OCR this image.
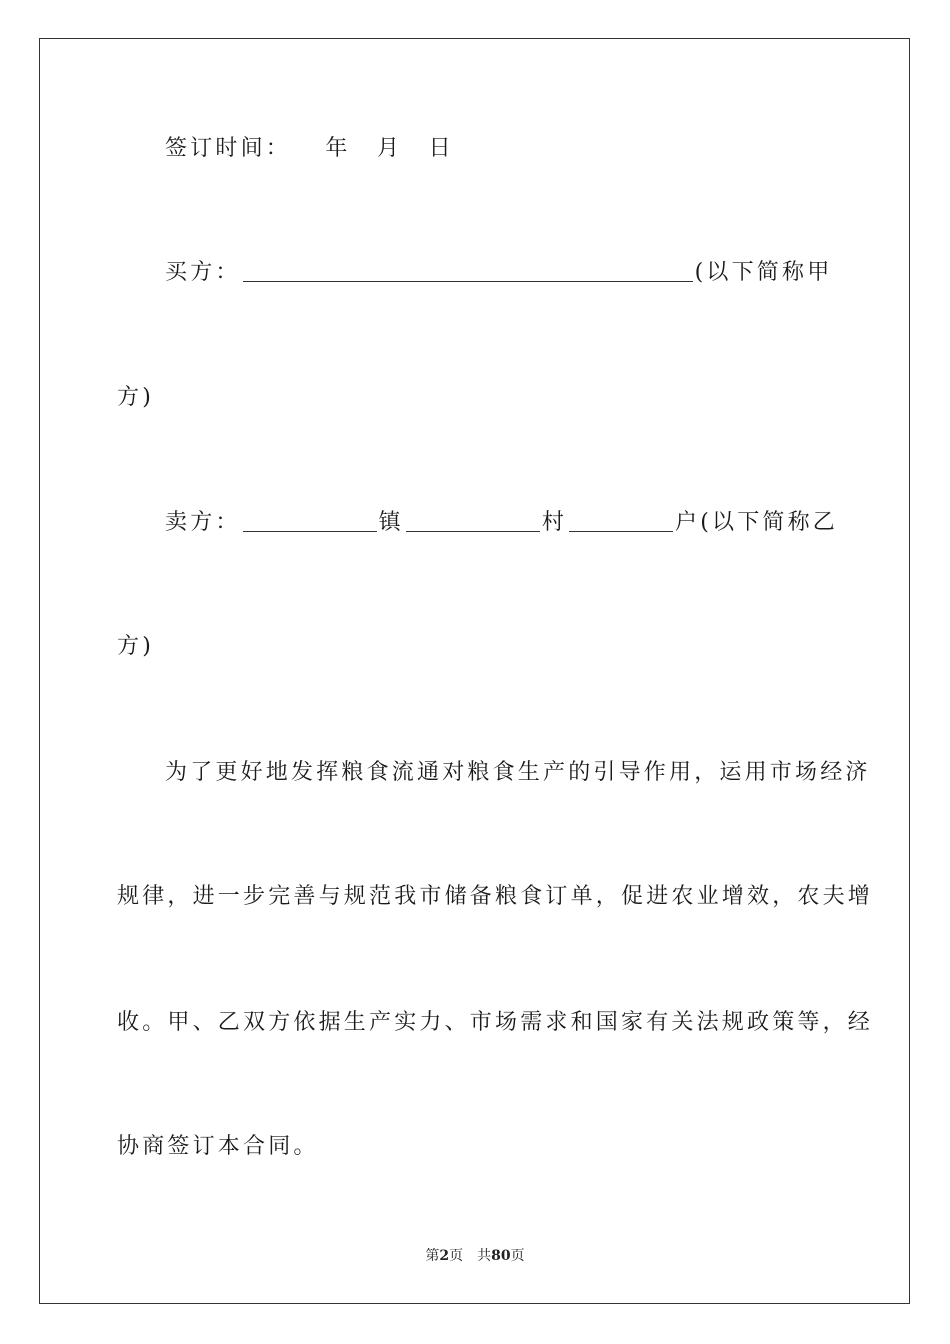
签订时间： 年 月 日
买方：	(以下简称甲
方)
卖方：	镇	村	户(以下简称乙
方)
为了更好地发挥粮食流通对粮食生产的引导作用，运用市场经济
规律，进一步完善与规范我市储备粮食订单，促进农业增效，农夫增
收。甲、乙双方依据生产实力、市场需求和国家有关法规政策等，经
协商签订本合同。
第2页　共80页
